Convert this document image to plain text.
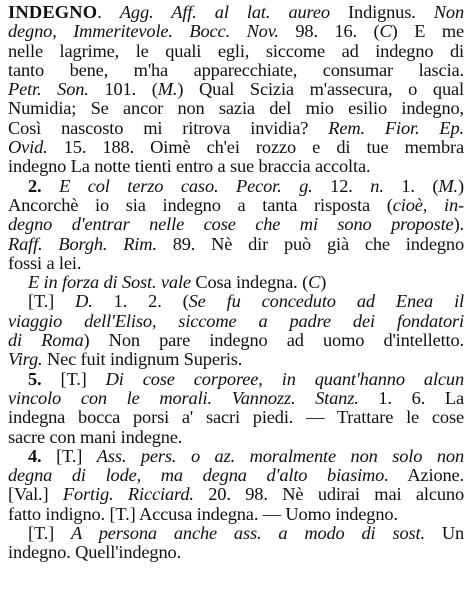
INDEGNO. Agg. Aff. al lat. aureo Indignus. Non
degno, Immeritevole. Bocc. Nov. 98. 16. (C) E me
nelle lagrime, le quali egli, siccome ad indegno di
tanto bene, m'ha apparecchiate, consumar lascia.
Petr. Son. 101. (M.) Qual Scizia m'assecura, o qual
Numidia; Se ancor non sazia del mio esilio indegno,
Così nascosto mi ritrova invidia? Rem. Fior. Ep.
Ovid. 15. 188. Oimè ch'ei rozzo e di tue membra
indegno La notte tienti entro a sue braccia accolta.
2. E col terzo caso. Pecor. g. 12. n. 1. (M.)
Ancorchè io sia indegno a tanta risposta (cioè, in-
degno d'entrar nelle cose che mi sono proposte).
Raff. Borgh. Rim. 89. Nè dir può già che indegno
fossi a lei.
E in forza di Sost. vale Cosa indegna. (C)
[T.] D. 1. 2. (Se fu conceduto ad Enea il
viaggio dell'Eliso, siccome a padre dei fondatori
di Roma) Non pare indegno ad uomo d'intelletto.
Virg. Nec fuit indignum Superis.
5. [T.] Di cose corporee, in quant'hanno alcun
vincolo con le morali. Vannozz. Stanz. 1. 6. La
indegna bocca porsi a' sacri piedi. — Trattare le cose
sacre con mani indegne.
4. [T.] Ass. pers. o az. moralmente non solo non
degna di lode, ma degna d'alto biasimo. Azione.
[Val.] Fortig. Ricciard. 20. 98. Nè udirai mai alcuno
fatto indigno. [T.] Accusa indegna. — Uomo indegno.
[T.] A persona anche ass. a modo di sost. Un
indegno. Quell'indegno.
